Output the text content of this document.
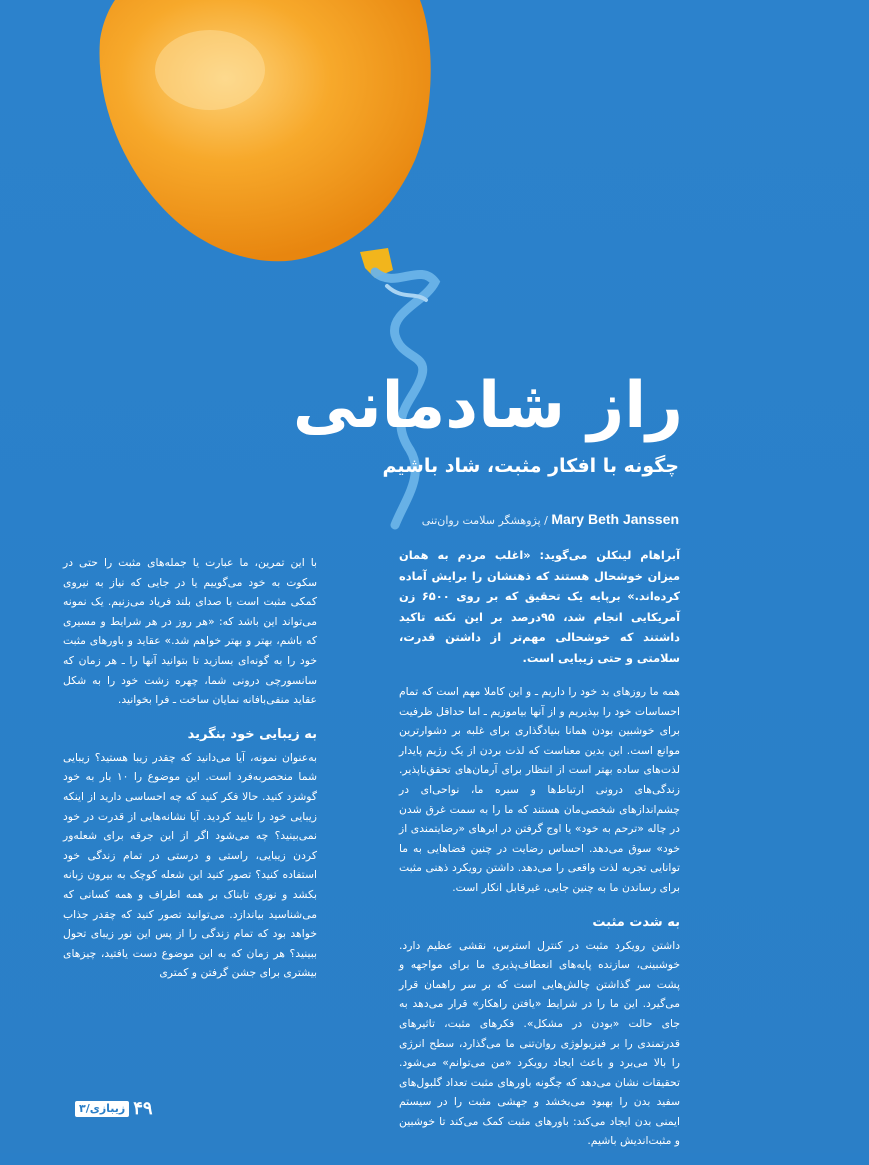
راز شادمانی
چگونه با افکار مثبت، شاد باشیم
Mary Beth Janssen / پژوهشگر سلامت روان‌تنی

آبراهام لینکلن می‌گوید: «اغلب مردم به همان میزان خوشحال هستند که ذهنشان را برایش آماده کرده‌اند.» برپایه یک تحقیق که بر روی ۶۵۰۰ زن آمریکایی انجام شد، ۹۵درصد بر این نکته تاکید داشتند که خوشحالی مهم‌تر از داشتن قدرت، سلامتی و حتی زیبایی است.

همه ما روزهای بد خود را داریم ـ و این کاملا مهم است که تمام احساسات خود را بپذیریم و از آنها بیاموزیم ـ اما حداقل ظرفیت برای خوشبین بودن همانا بنیادگذاری برای غلبه بر دشوارترین موانع است. این بدین معناست که لذت بردن از یک رژیم پایدار لذت‌های ساده بهتر است از انتظار برای آرمان‌های تحقق‌ناپذیر. زندگی‌های درونی ارتباط‌ها و سبره ما، نواحی‌ای در چشم‌اندازهای شخصی‌مان هستند که ما را به سمت غرق شدن در چاله «ترحم به خود» یا اوج گرفتن در ابرهای «رضایتمندی از خود» سوق می‌دهد. احساس رضایت در چنین فضاهایی به ما توانایی تجربه لذت واقعی را می‌دهد. داشتن رویکرد ذهنی مثبت برای رساندن ما به چنین جایی، غیرقابل انکار است.

به شدت مثبت

داشتن رویکرد مثبت در کنترل استرس، نقشی عظیم دارد. خوشبینی، سازنده پایه‌های انعطاف‌پذیری ما برای مواجهه و پشت سر گذاشتن چالش‌هایی است که بر سر راهمان قرار می‌گیرد. این ما را در شرایط «یافتن راهکار» قرار می‌دهد به جای حالت «بودن در مشکل». فکرهای مثبت، تاثیرهای قدرتمندی را بر فیزیولوژی روان‌تنی ما می‌گذارد، سطح انرژی را بالا می‌برد و باعث ایجاد رویکرد «من می‌توانم» می‌شود. تحقیقات نشان می‌دهد که چگونه باورهای مثبت تعداد گلبول‌های سفید بدن را بهبود می‌بخشد و جهشی مثبت را در سیستم ایمنی بدن ایجاد می‌کند: باورهای مثبت کمک می‌کند تا خوشبین و مثبت‌اندیش باشیم.

با این تمرین، ما عبارت یا جمله‌های مثبت را حتی در سکوت به خود می‌گوییم یا در جایی که نیاز به نیروی کمکی مثبت است با صدای بلند فریاد می‌زنیم. یک نمونه می‌تواند این باشد که: «هر روز در هر شرایط و مسیری که باشم، بهتر و بهتر خواهم شد.» عقاید و باورهای مثبت خود را به گونه‌ای بسازید تا بتوانید آنها را ـ هر زمان که سانسورچی درونی شما، چهره زشت خود را به شکل عقاید منفی‌بافانه نمایان ساخت ـ فرا بخوانید.

به زیبایی خود بنگرید

به‌عنوان نمونه، آیا می‌دانید که چقدر زیبا هستید؟ زیبایی شما منحصربه‌فرد است. این موضوع را ۱۰ بار به خود گوشزد کنید. حالا فکر کنید که چه احساسی دارید از اینکه زیبایی خود را تایید کردید. آیا نشانه‌هایی از قدرت در خود نمی‌بینید؟ چه می‌شود اگر از این جرقه برای شعله‌ور کردن زیبایی، راستی و درستی در تمام زندگی خود استفاده کنید؟ تصور کنید این شعله کوچک به بیرون زبانه بکشد و نوری تابناک بر همه اطراف و همه کسانی که می‌شناسید بیاندازد. می‌توانید تصور کنید که چقدر جذاب خواهد بود که تمام زندگی را از پس این نور زیبای تحول ببینید؟ هر زمان که به این موضوع دست یافتید، چیزهای بیشتری برای جشن گرفتن و کمتری

۴۹
زیبازی/۳
